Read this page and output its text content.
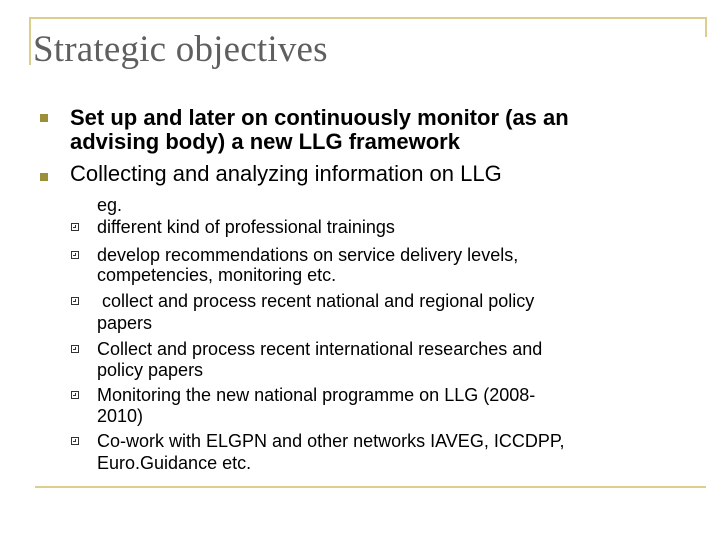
Strategic objectives
Set up and later on continuously monitor (as an
advising body) a new LLG framework
Collecting and analyzing information on LLG
eg.
different kind of professional trainings
develop recommendations on service delivery levels,
competencies, monitoring etc.
collect and process recent national and regional policy
papers
Collect and process recent international researches and
policy papers
Monitoring the new national programme on LLG (2008-
2010)
Co-work with ELGPN and other networks IAVEG, ICCDPP,
Euro.Guidance etc.
